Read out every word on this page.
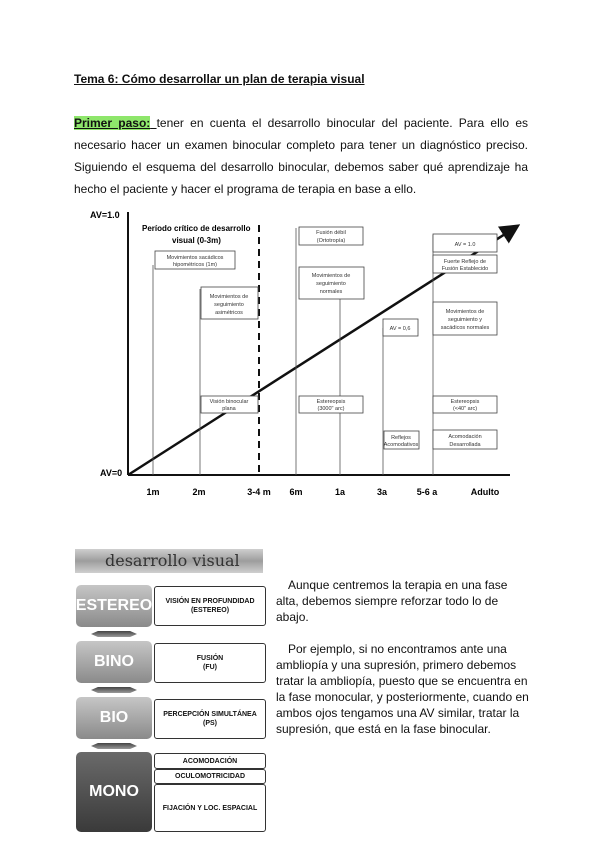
Tema 6: Cómo desarrollar un plan de terapia visual
Primer paso: tener en cuenta el desarrollo binocular del paciente. Para ello es necesario hacer un examen binocular completo para tener un diagnóstico preciso. Siguiendo el esquema del desarrollo binocular, debemos saber qué aprendizaje ha hecho el paciente y hacer el programa de terapia en base a ello.
AV=1.0
AV=0
Período crítico de desarrollo
visual (0-3m)
Movimientos sacádicos
hipométricos (1m)
Movimientos de
seguimiento
asimétricos
Visión binocular
plana
Fusión débil
(Ortotropía)
Movimientos de
seguimiento
normales
Estereopsis
(3000" arc)
AV = 0,6
Reflejos
Acomodativos
AV = 1.0
Fuerte Reflejo de
Fusión Establecido
Movimientos de
seguimiento y
sacádicos normales
Estereopsis
(<40" arc)
Acomodación
Desarrollada
1m	2m	3-4 m 6m	1a	3a	5-6 a	Adulto
desarrollo visual
ESTEREO VISIÓN EN PROFUNDIDAD
(ESTEREO)
BINO	FUSIÓN
(FU)
BIO	PERCEPCIÓN SIMULTÁNEA
(PS)
MONO
ACOMODACIÓN
OCULOMOTRICIDAD
FIJACIÓN Y LOC. ESPACIAL
Aunque centremos la terapia en una fase alta, debemos siempre reforzar todo lo de abajo.
Por ejemplo, si no encontramos ante una ambliopía y una supresión, primero debemos tratar la ambliopía, puesto que se encuentra en la fase monocular, y posteriormente, cuando en ambos ojos tengamos una AV similar, tratar la supresión, que está en la fase binocular.
